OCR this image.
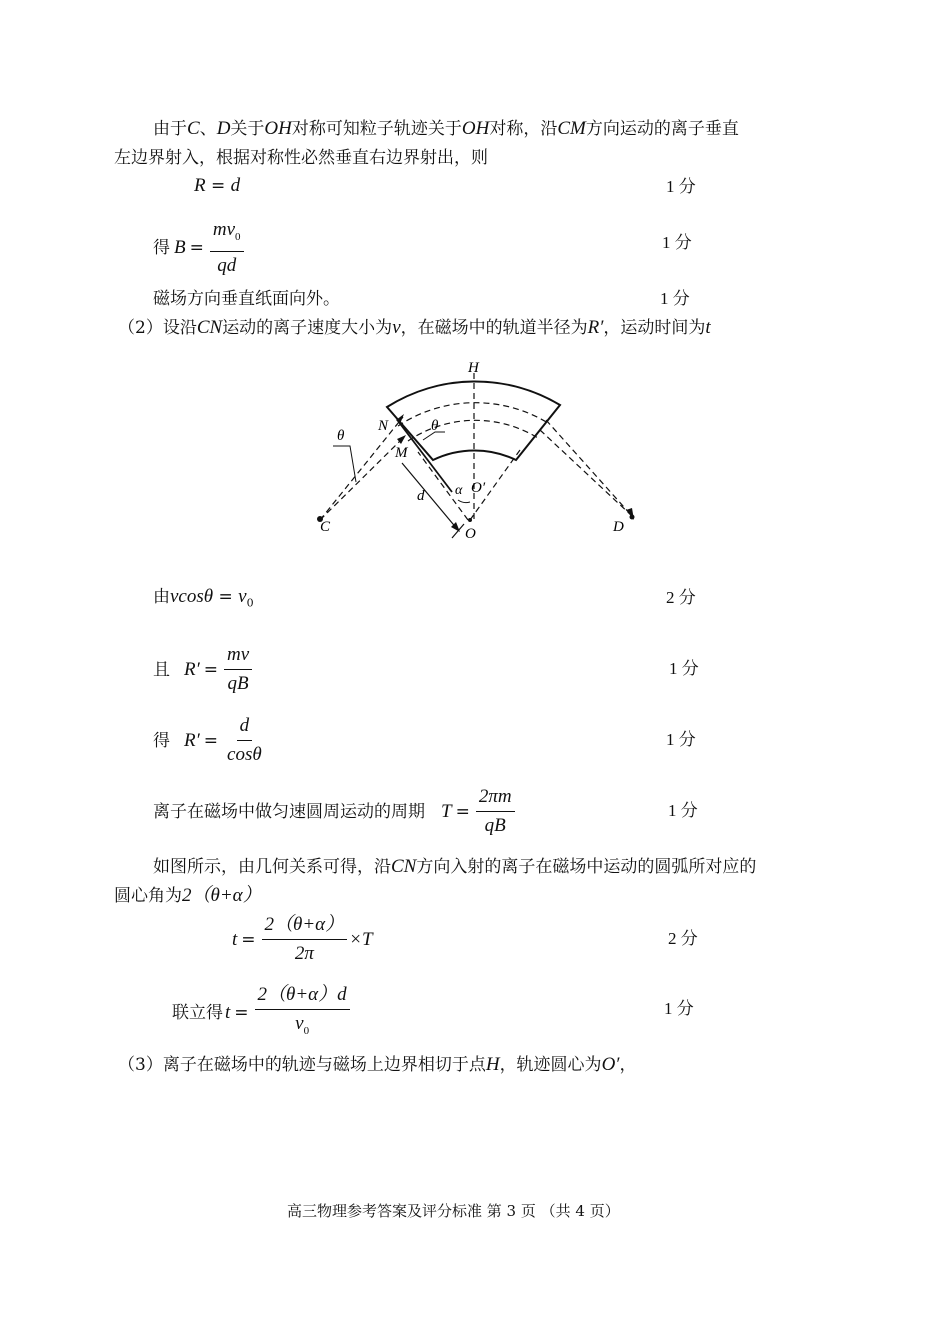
由于C、D关于OH对称可知粒子轨迹关于OH对称，沿CM方向运动的离子垂直
左边界射入，根据对称性必然垂直右边界射出，则
R = d	1 分
得 $B = \frac{mv_0}{qd}$	1 分
磁场方向垂直纸面向外。	1 分
（2）设沿CN运动的离子速度大小为v，在磁场中的轨道半径为R′，运动时间为t
H
N
M
θ
θ
α O′
d
O
C	D
由$vcos\theta = v_0$	2 分
且 $R' = \frac{mv}{qB}$	1 分
得 $R' = \frac{d}{\cos\theta}$	1 分
离子在磁场中做匀速圆周运动的周期 $T = \frac{2\pi m}{qB}$	1 分
如图所示，由几何关系可得，沿CN方向入射的离子在磁场中运动的圆弧所对应的
圆心角为2（θ+α）
$t = \frac{2(\theta+\alpha)}{2\pi} \times T$	2 分
联立得 $t = \frac{2(\theta+\alpha)d}{v_0}$	1 分
（3）离子在磁场中的轨迹与磁场上边界相切于点H，轨迹圆心为O′，
高三物理参考答案及评分标准 第 3 页 （共 4 页）
